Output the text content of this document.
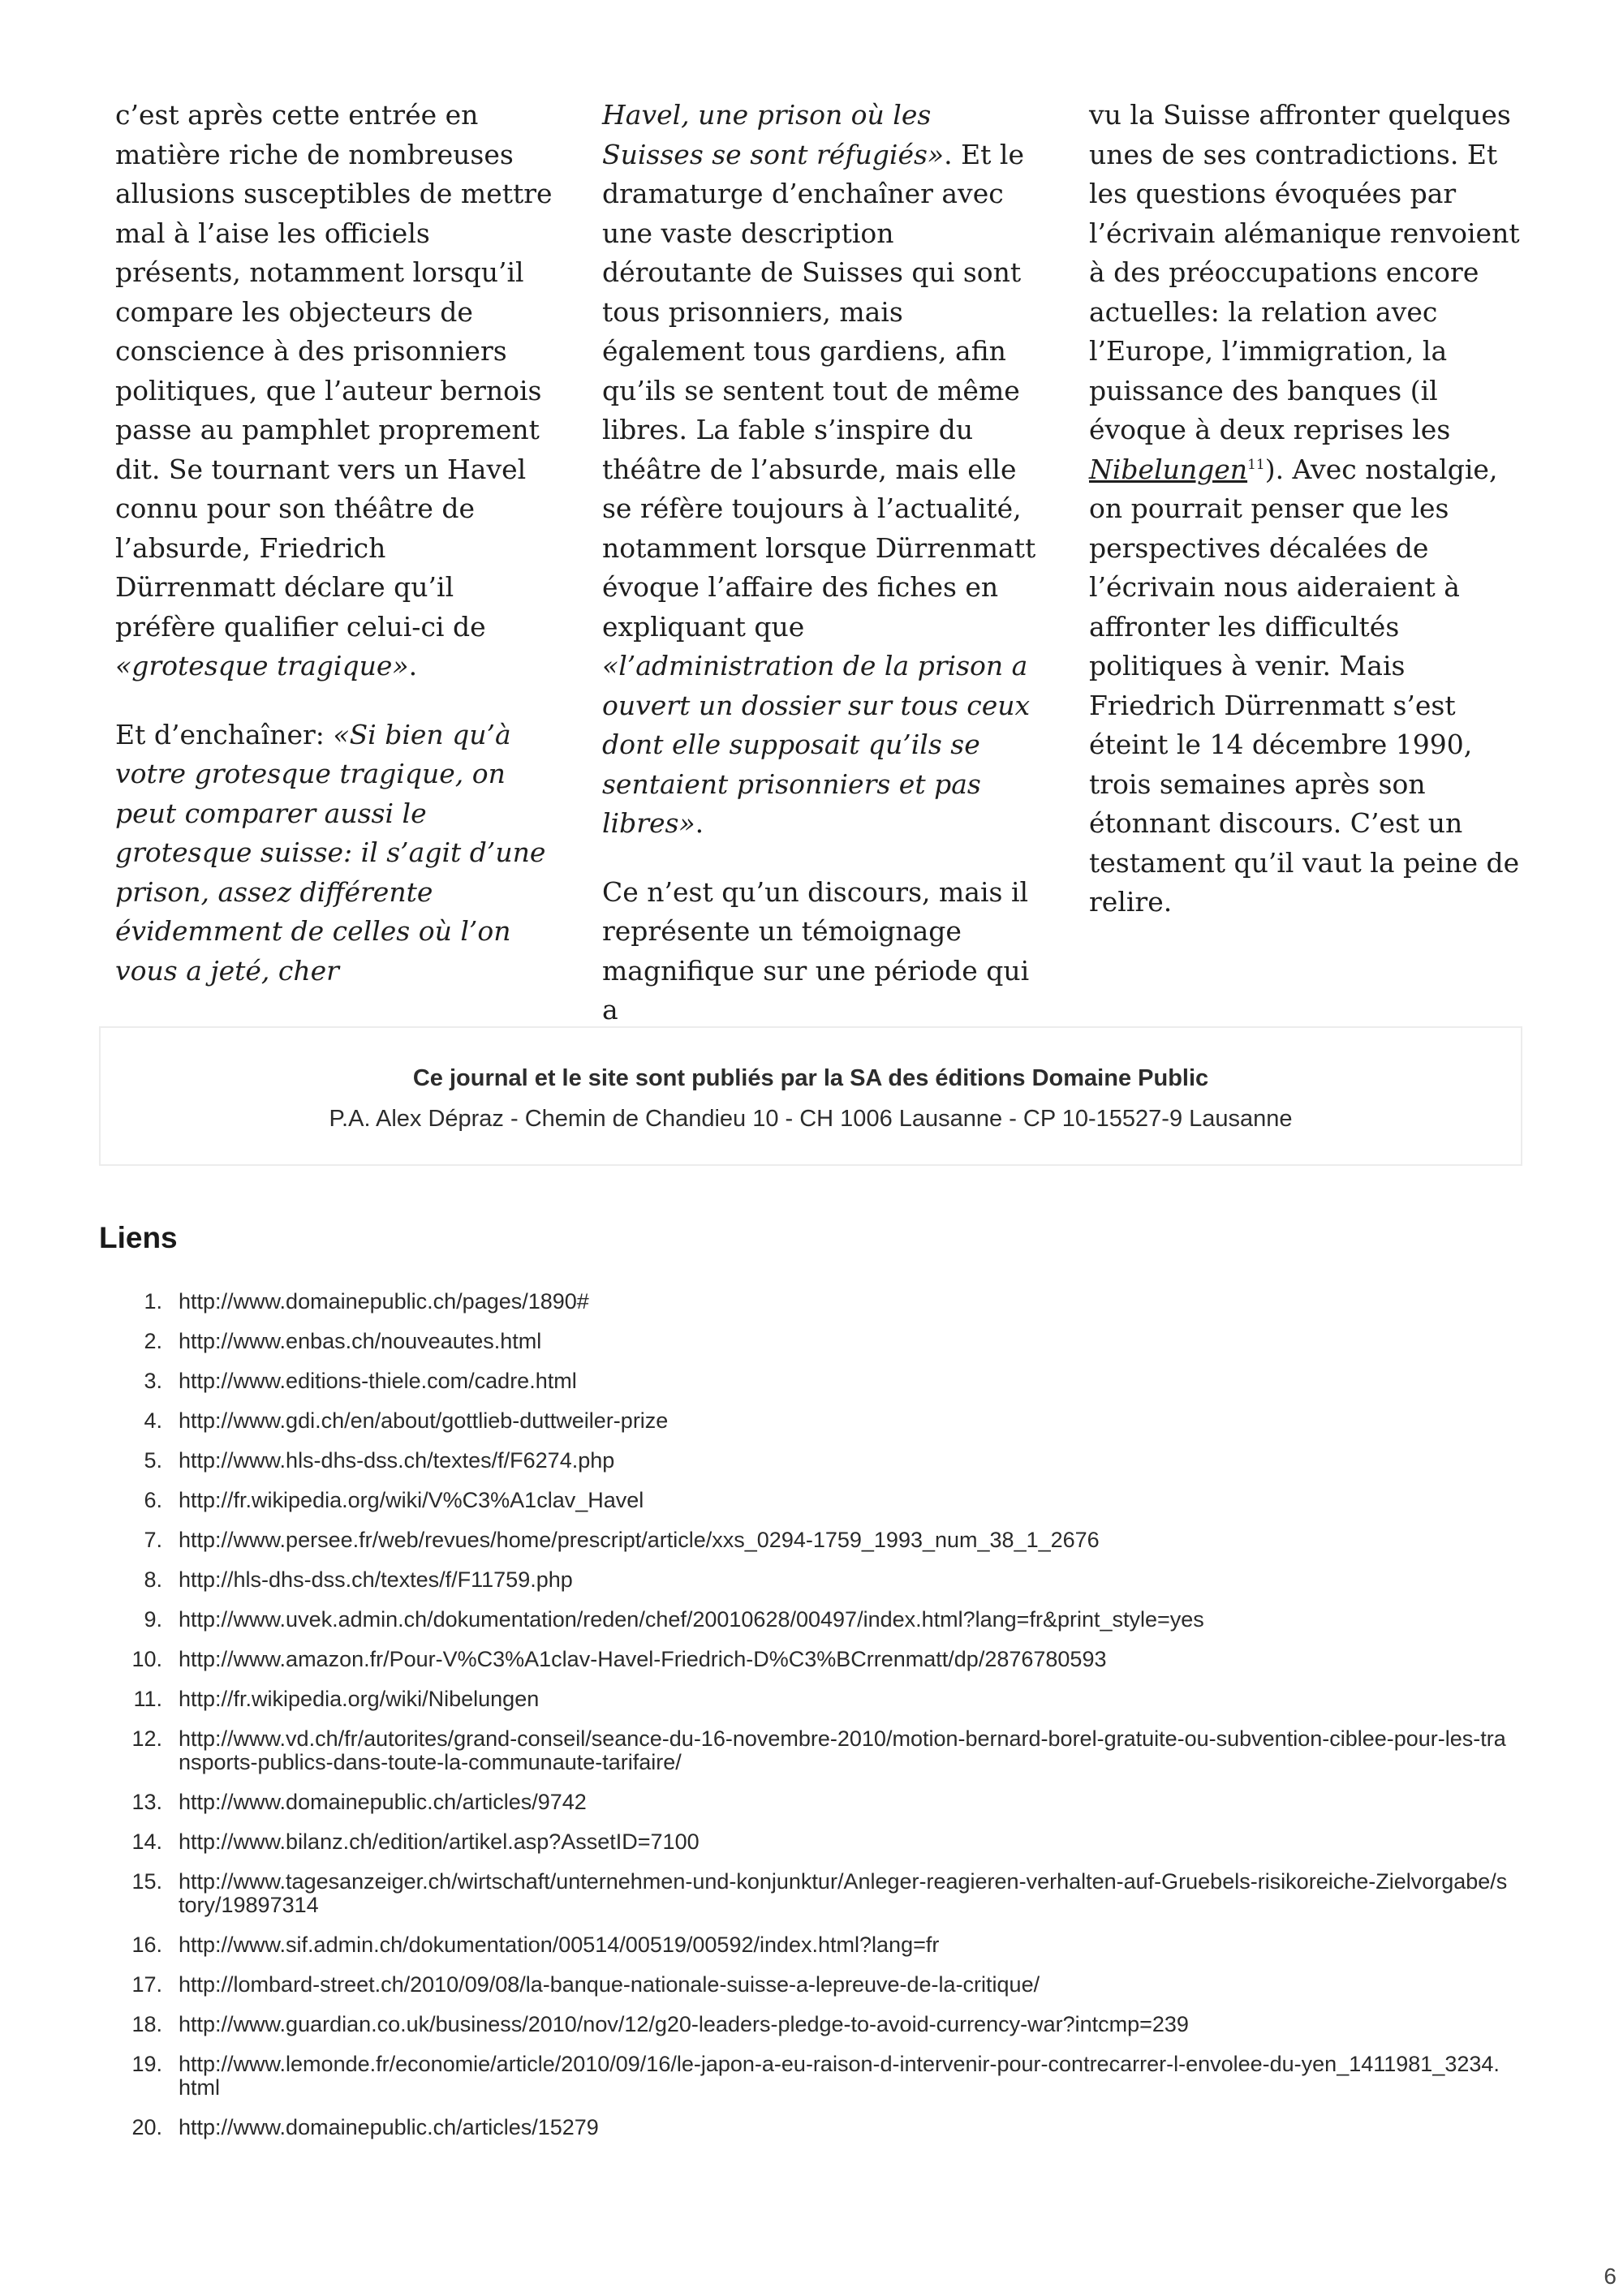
c’est après cette entrée en matière riche de nombreuses allusions susceptibles de mettre mal à l’aise les officiels présents, notamment lorsqu’il compare les objecteurs de conscience à des prisonniers politiques, que l’auteur bernois passe au pamphlet proprement dit. Se tournant vers un Havel connu pour son théâtre de l’absurde, Friedrich Dürrenmatt déclare qu’il préfère qualifier celui-ci de «grotesque tragique».

Et d’enchaîner: «Si bien qu’à votre grotesque tragique, on peut comparer aussi le grotesque suisse: il s’agit d’une prison, assez différente évidemment de celles où l’on vous a jeté, cher

Havel, une prison où les Suisses se sont réfugiés». Et le dramaturge d’enchaîner avec une vaste description déroutante de Suisses qui sont tous prisonniers, mais également tous gardiens, afin qu’ils se sentent tout de même libres. La fable s’inspire du théâtre de l’absurde, mais elle se réfère toujours à l’actualité, notamment lorsque Dürrenmatt évoque l’affaire des fiches en expliquant que «l’administration de la prison a ouvert un dossier sur tous ceux dont elle supposait qu’ils se sentaient prisonniers et pas libres».

Ce n’est qu’un discours, mais il représente un témoignage magnifique sur une période qui a

vu la Suisse affronter quelques unes de ses contradictions. Et les questions évoquées par l’écrivain alémanique renvoient à des préoccupations encore actuelles: la relation avec l’Europe, l’immigration, la puissance des banques (il évoque à deux reprises les Nibelungen$^{11}$). Avec nostalgie, on pourrait penser que les perspectives décalées de l’écrivain nous aideraient à affronter les difficultés politiques à venir. Mais Friedrich Dürrenmatt s’est éteint le 14 décembre 1990, trois semaines après son étonnant discours. C’est un testament qu’il vaut la peine de relire.

Ce journal et le site sont publiés par la SA des éditions Domaine Public
P.A. Alex Dépraz - Chemin de Chandieu 10 - CH 1006 Lausanne - CP 10-15527-9 Lausanne
Liens
1. http://www.domainepublic.ch/pages/1890#
2. http://www.enbas.ch/nouveautes.html
3. http://www.editions-thiele.com/cadre.html
4. http://www.gdi.ch/en/about/gottlieb-duttweiler-prize
5. http://www.hls-dhs-dss.ch/textes/f/F6274.php
6. http://fr.wikipedia.org/wiki/V%C3%A1clav_Havel
7. http://www.persee.fr/web/revues/home/prescript/article/xxs_0294-1759_1993_num_38_1_2676
8. http://hls-dhs-dss.ch/textes/f/F11759.php
9. http://www.uvek.admin.ch/dokumentation/reden/chef/20010628/00497/index.html?lang=fr&print_style=yes
10. http://www.amazon.fr/Pour-V%C3%A1clav-Havel-Friedrich-D%C3%BCrrenmatt/dp/2876780593
11. http://fr.wikipedia.org/wiki/Nibelungen
12. http://www.vd.ch/fr/autorites/grand-conseil/seance-du-16-novembre-2010/motion-bernard-borel-gratuite-ou-subvention-ciblee-pour-les-transports-publics-dans-toute-la-communaute-tarifaire/
13. http://www.domainepublic.ch/articles/9742
14. http://www.bilanz.ch/edition/artikel.asp?AssetID=7100
15. http://www.tagesanzeiger.ch/wirtschaft/unternehmen-und-konjunktur/Anleger-reagieren-verhalten-auf-Gruebels-risikoreiche-Zielvorgabe/story/19897314
16. http://www.sif.admin.ch/dokumentation/00514/00519/00592/index.html?lang=fr
17. http://lombard-street.ch/2010/09/08/la-banque-nationale-suisse-a-lepreuve-de-la-critique/
18. http://www.guardian.co.uk/business/2010/nov/12/g20-leaders-pledge-to-avoid-currency-war?intcmp=239
19. http://www.lemonde.fr/economie/article/2010/09/16/le-japon-a-eu-raison-d-intervenir-pour-contrecarrer-l-envolee-du-yen_1411981_3234.html
20. http://www.domainepublic.ch/articles/15279
6
